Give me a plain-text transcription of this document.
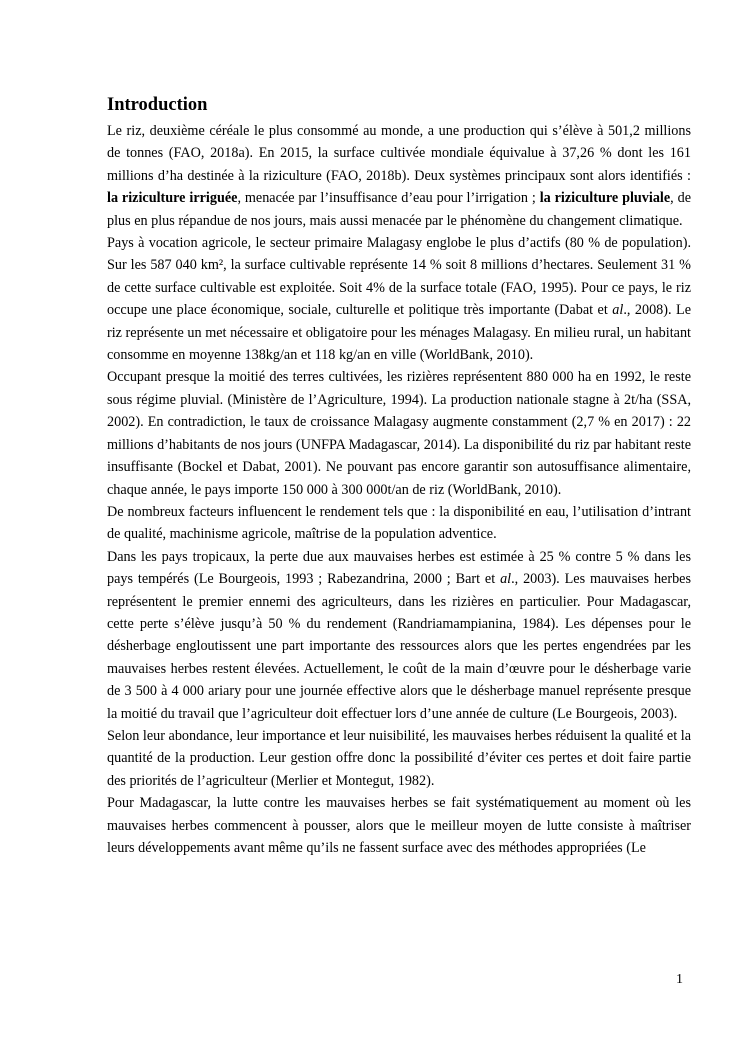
Introduction

Le riz, deuxième céréale le plus consommé au monde, a une production qui s’élève à 501,2 millions de tonnes (FAO, 2018a). En 2015, la surface cultivée mondiale équivalue à 37,26 % dont les 161 millions d’ha destinée à la riziculture (FAO, 2018b). Deux systèmes principaux sont alors identifiés : la riziculture irriguée, menacée par l’insuffisance d’eau pour l’irrigation ; la riziculture pluviale, de plus en plus répandue de nos jours, mais aussi menacée par le phénomène du changement climatique.

Pays à vocation agricole, le secteur primaire Malagasy englobe le plus d’actifs (80 % de population). Sur les 587 040 km², la surface cultivable représente 14 % soit 8 millions d’hectares. Seulement 31 % de cette surface cultivable est exploitée. Soit 4% de la surface totale (FAO, 1995). Pour ce pays, le riz occupe une place économique, sociale, culturelle et politique très importante (Dabat et al., 2008). Le riz représente un met nécessaire et obligatoire pour les ménages Malagasy. En milieu rural, un habitant consomme en moyenne 138kg/an et 118 kg/an en ville (WorldBank, 2010).

Occupant presque la moitié des terres cultivées, les rizières représentent 880 000 ha en 1992, le reste sous régime pluvial. (Ministère de l’Agriculture, 1994). La production nationale stagne à 2t/ha (SSA, 2002). En contradiction, le taux de croissance Malagasy augmente constamment (2,7 % en 2017) : 22 millions d’habitants de nos jours (UNFPA Madagascar, 2014). La disponibilité du riz par habitant reste insuffisante (Bockel et Dabat, 2001). Ne pouvant pas encore garantir son autosuffisance alimentaire, chaque année, le pays importe 150 000 à 300 000t/an de riz (WorldBank, 2010).

De nombreux facteurs influencent le rendement tels que : la disponibilité en eau, l’utilisation d’intrant de qualité, machinisme agricole, maîtrise de la population adventice.

Dans les pays tropicaux, la perte due aux mauvaises herbes est estimée à 25 % contre 5 % dans les pays tempérés (Le Bourgeois, 1993 ; Rabezandrina, 2000 ; Bart et al., 2003). Les mauvaises herbes représentent le premier ennemi des agriculteurs, dans les rizières en particulier. Pour Madagascar, cette perte s’élève jusqu’à 50 % du rendement (Randriamampianina, 1984). Les dépenses pour le désherbage engloutissent une part importante des ressources alors que les pertes engendrées par les mauvaises herbes restent élevées. Actuellement, le coût de la main d’œuvre pour le désherbage varie de 3 500 à 4 000 ariary pour une journée effective alors que le désherbage manuel représente presque la moitié du travail que l’agriculteur doit effectuer lors d’une année de culture (Le Bourgeois, 2003).

Selon leur abondance, leur importance et leur nuisibilité, les mauvaises herbes réduisent la qualité et la quantité de la production. Leur gestion offre donc la possibilité d’éviter ces pertes et doit faire partie des priorités de l’agriculteur (Merlier et Montegut, 1982).

Pour Madagascar, la lutte contre les mauvaises herbes se fait systématiquement au moment où les mauvaises herbes commencent à pousser, alors que le meilleur moyen de lutte consiste à maîtriser leurs développements avant même qu’ils ne fassent surface avec des méthodes appropriées (Le

1
